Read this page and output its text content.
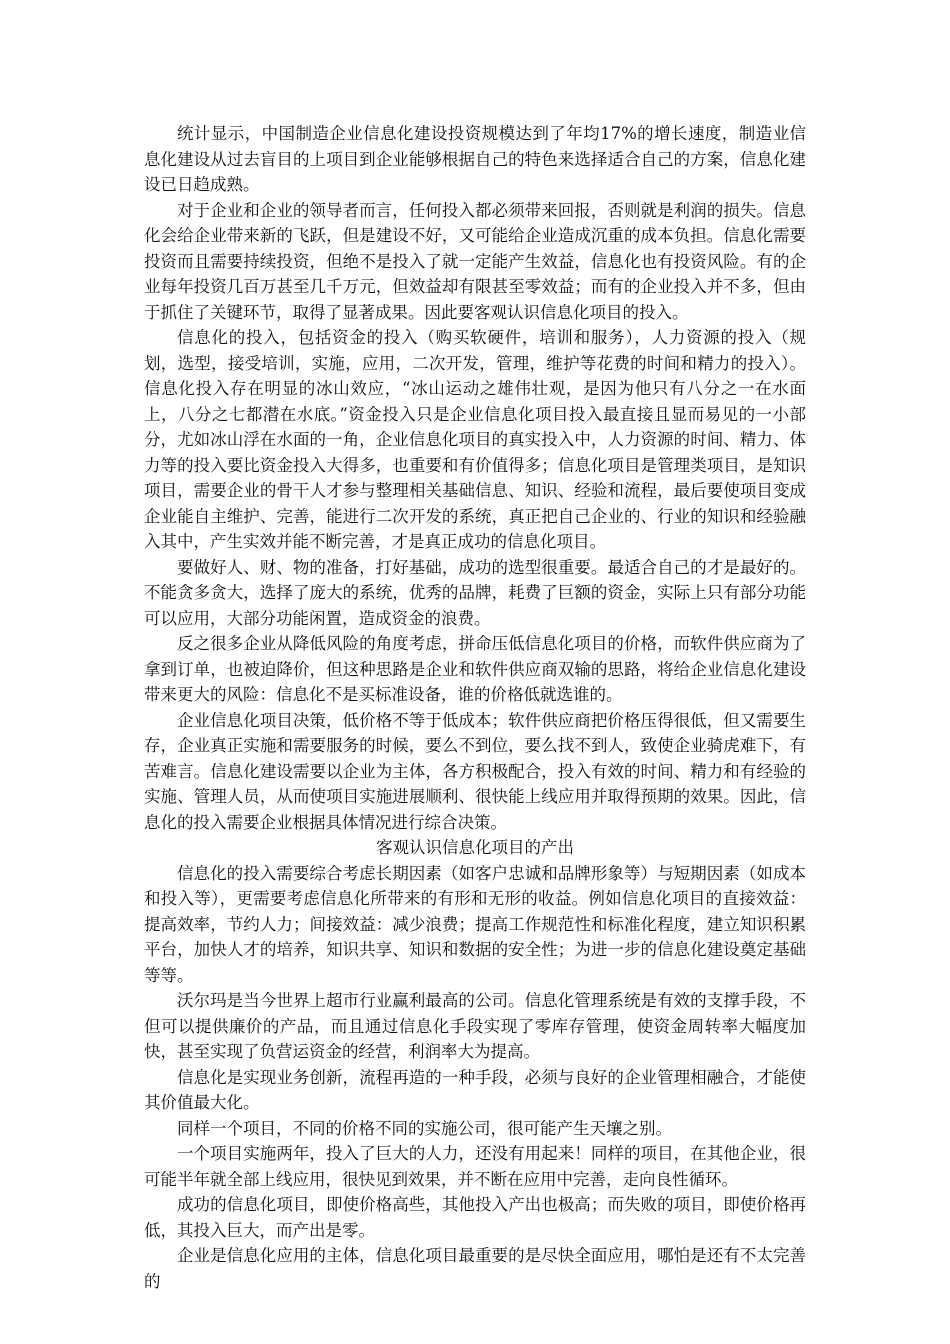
统计显示，中国制造企业信息化建设投资规模达到了年均17%的增长速度，制造业信息化建设从过去盲目的上项目到企业能够根据自己的特色来选择适合自己的方案，信息化建设已日趋成熟。

对于企业和企业的领导者而言，任何投入都必须带来回报，否则就是利润的损失。信息化会给企业带来新的飞跃，但是建设不好，又可能给企业造成沉重的成本负担。信息化需要投资而且需要持续投资，但绝不是投入了就一定能产生效益，信息化也有投资风险。有的企业每年投资几百万甚至几千万元，但效益却有限甚至零效益；而有的企业投入并不多，但由于抓住了关键环节，取得了显著成果。因此要客观认识信息化项目的投入。

信息化的投入，包括资金的投入（购买软硬件，培训和服务），人力资源的投入（规划，选型，接受培训，实施，应用，二次开发，管理，维护等花费的时间和精力的投入）。信息化投入存在明显的冰山效应，“冰山运动之雄伟壮观，是因为他只有八分之一在水面上，八分之七都潜在水底。”资金投入只是企业信息化项目投入最直接且显而易见的一小部分，尤如冰山浮在水面的一角，企业信息化项目的真实投入中，人力资源的时间、精力、体力等的投入要比资金投入大得多，也重要和有价值得多；信息化项目是管理类项目，是知识项目，需要企业的骨干人才参与整理相关基础信息、知识、经验和流程，最后要使项目变成企业能自主维护、完善，能进行二次开发的系统，真正把自己企业的、行业的知识和经验融入其中，产生实效并能不断完善，才是真正成功的信息化项目。

要做好人、财、物的准备，打好基础，成功的选型很重要。最适合自己的才是最好的。不能贪多贪大，选择了庞大的系统，优秀的品牌，耗费了巨额的资金，实际上只有部分功能可以应用，大部分功能闲置，造成资金的浪费。

反之很多企业从降低风险的角度考虑，拼命压低信息化项目的价格，而软件供应商为了拿到订单，也被迫降价，但这种思路是企业和软件供应商双输的思路，将给企业信息化建设带来更大的风险：信息化不是买标准设备，谁的价格低就选谁的。

企业信息化项目决策，低价格不等于低成本；软件供应商把价格压得很低，但又需要生存，企业真正实施和需要服务的时候，要么不到位，要么找不到人，致使企业骑虎难下，有苦难言。信息化建设需要以企业为主体，各方积极配合，投入有效的时间、精力和有经验的实施、管理人员，从而使项目实施进展顺利、很快能上线应用并取得预期的效果。因此，信息化的投入需要企业根据具体情况进行综合决策。

客观认识信息化项目的产出

信息化的投入需要综合考虑长期因素（如客户忠诚和品牌形象等）与短期因素（如成本和投入等），更需要考虑信息化所带来的有形和无形的收益。例如信息化项目的直接效益：提高效率，节约人力；间接效益：减少浪费；提高工作规范性和标准化程度，建立知识积累平台，加快人才的培养，知识共享、知识和数据的安全性；为进一步的信息化建设奠定基础等等。

沃尔玛是当今世界上超市行业赢利最高的公司。信息化管理系统是有效的支撑手段，不但可以提供廉价的产品，而且通过信息化手段实现了零库存管理，使资金周转率大幅度加快，甚至实现了负营运资金的经营，利润率大为提高。

信息化是实现业务创新，流程再造的一种手段，必须与良好的企业管理相融合，才能使其价值最大化。

同样一个项目，不同的价格不同的实施公司，很可能产生天壤之别。

一个项目实施两年，投入了巨大的人力，还没有用起来！同样的项目，在其他企业，很可能半年就全部上线应用，很快见到效果，并不断在应用中完善，走向良性循环。

成功的信息化项目，即使价格高些，其他投入产出也极高；而失败的项目，即使价格再低，其投入巨大，而产出是零。

企业是信息化应用的主体，信息化项目最重要的是尽快全面应用，哪怕是还有不太完善的
